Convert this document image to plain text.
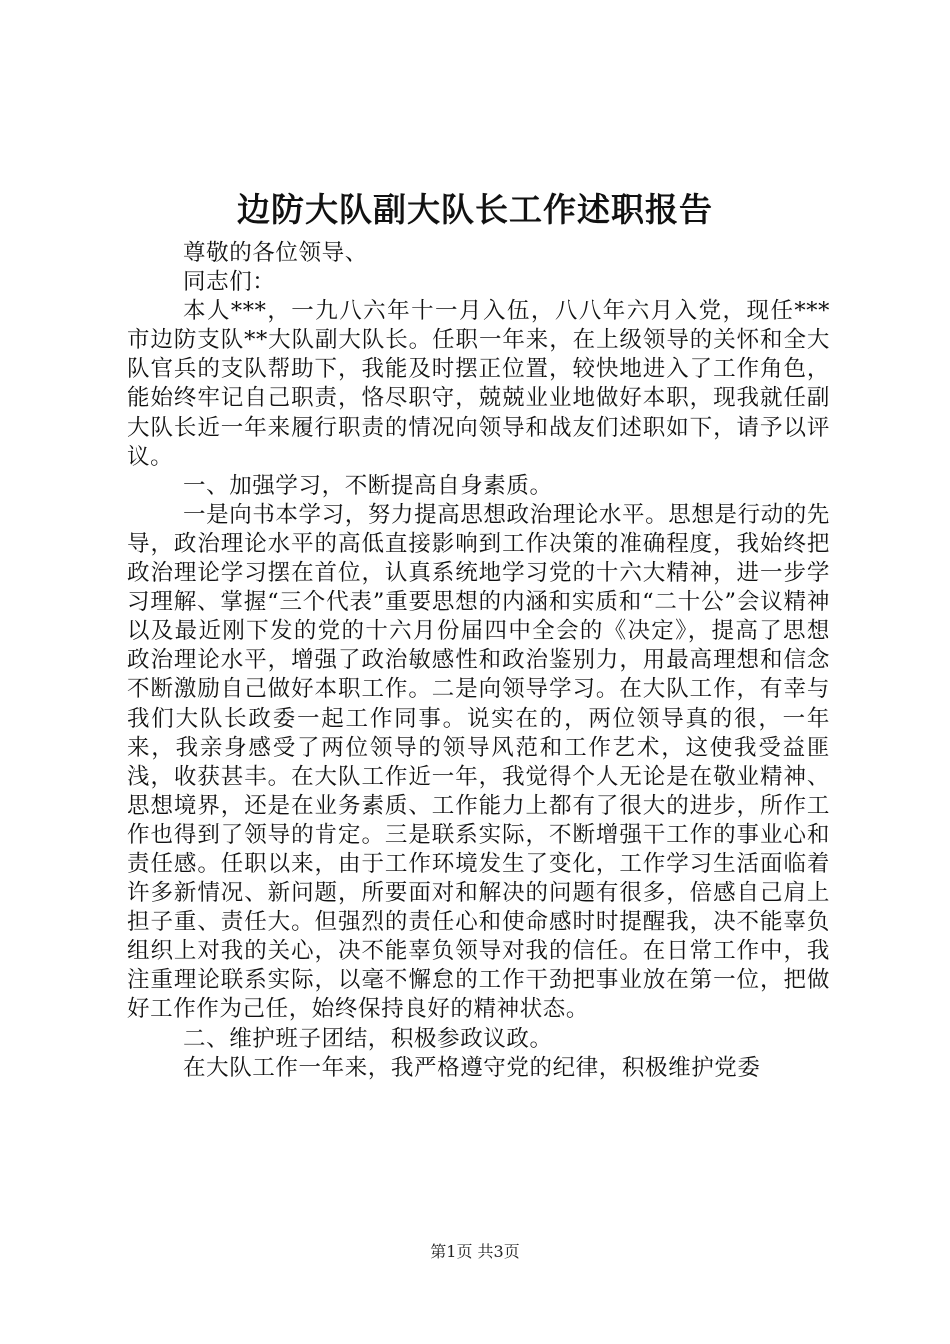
边防大队副大队长工作述职报告

尊敬的各位领导、

同志们：

本人***，一九八六年十一月入伍，八八年六月入党，现任***市边防支队**大队副大队长。任职一年来，在上级领导的关怀和全大队官兵的支队帮助下，我能及时摆正位置，较快地进入了工作角色，能始终牢记自己职责，恪尽职守，兢兢业业地做好本职，现我就任副大队长近一年来履行职责的情况向领导和战友们述职如下，请予以评议。

一、加强学习，不断提高自身素质。

一是向书本学习，努力提高思想政治理论水平。思想是行动的先导，政治理论水平的高低直接影响到工作决策的准确程度，我始终把政治理论学习摆在首位，认真系统地学习党的十六大精神，进一步学习理解、掌握“三个代表”重要思想的内涵和实质和“二十公”会议精神以及最近刚下发的党的十六月份届四中全会的《决定》，提高了思想政治理论水平，增强了政治敏感性和政治鉴别力，用最高理想和信念不断激励自己做好本职工作。二是向领导学习。在大队工作，有幸与我们大队长政委一起工作同事。说实在的，两位领导真的很，一年来，我亲身感受了两位领导的领导风范和工作艺术，这使我受益匪浅，收获甚丰。在大队工作近一年，我觉得个人无论是在敬业精神、思想境界，还是在业务素质、工作能力上都有了很大的进步，所作工作也得到了领导的肯定。三是联系实际，不断增强干工作的事业心和责任感。任职以来，由于工作环境发生了变化，工作学习生活面临着许多新情况、新问题，所要面对和解决的问题有很多，倍感自己肩上担子重、责任大。但强烈的责任心和使命感时时提醒我，决不能辜负组织上对我的关心，决不能辜负领导对我的信任。在日常工作中，我注重理论联系实际，以毫不懈怠的工作干劲把事业放在第一位，把做好工作作为己任，始终保持良好的精神状态。

二、维护班子团结，积极参政议政。

在大队工作一年来，我严格遵守党的纪律，积极维护党委

第1页 共3页
